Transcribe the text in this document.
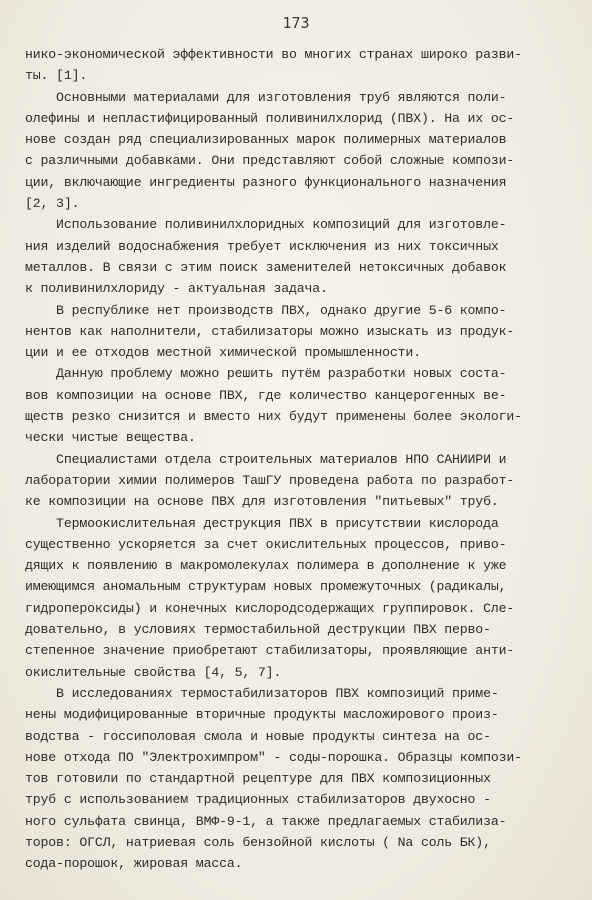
173
нико-экономической эффективности во многих странах широко разви-
ты. [1].
Основными материалами для изготовления труб являются поли-
олефины и непластифицированный поливинилхлорид (ПВХ). На их ос-
нове создан ряд специализированных марок полимерных материалов
с различными добавками. Они представляют собой сложные компози-
ции, включающие ингредиенты разного функционального назначения
[2, 3].
Использование поливинилхлоридных композиций для изготовле-
ния изделий водоснабжения требует исключения из них токсичных
металлов. В связи с этим поиск заменителей нетоксичных добавок
к поливинилхлориду - актуальная задача.
В республике нет производств ПВХ, однако другие 5-6 компо-
нентов как наполнители, стабилизаторы можно изыскать из продук-
ции и ее отходов местной химической промышленности.
Данную проблему можно решить путём разработки новых соста-
вов композиции на основе ПВХ, где количество канцерогенных ве-
ществ резко снизится и вместо них будут применены более экологи-
чески чистые вещества.
Специалистами отдела строительных материалов НПО САНИИРИ и
лаборатории химии полимеров ТашГУ проведена работа по разработ-
ке композиции на основе ПВХ для изготовления "питьевых" труб.
Термоокислительная деструкция ПВХ в присутствии кислорода
существенно ускоряется за счет окислительных процессов, приво-
дящих к появлению в макромолекулах полимера в дополнение к уже
имеющимся аномальным структурам новых промежуточных (радикалы,
гидропероксиды) и конечных кислородсодержащих группировок. Сле-
довательно, в условиях термостабильной деструкции ПВХ перво-
степенное значение приобретают стабилизаторы, проявляющие анти-
окислительные свойства [4, 5, 7].
В исследованиях термостабилизаторов ПВХ композиций приме-
нены модифицированные вторичные продукты масложирового произ-
водства - госсиполовая смола и новые продукты синтеза на ос-
нове отхода ПО "Электрохимпром" - соды-порошка. Образцы компози-
тов готовили по стандартной рецептуре для ПВХ композиционных
труб с использованием традиционных стабилизаторов двухосно -
ного сульфата свинца, ВМФ-9-1, а также предлагаемых стабилиза-
торов: ОГСЛ, натриевая соль бензойной кислоты ( Na соль БК),
сода-порошок, жировая масса.
